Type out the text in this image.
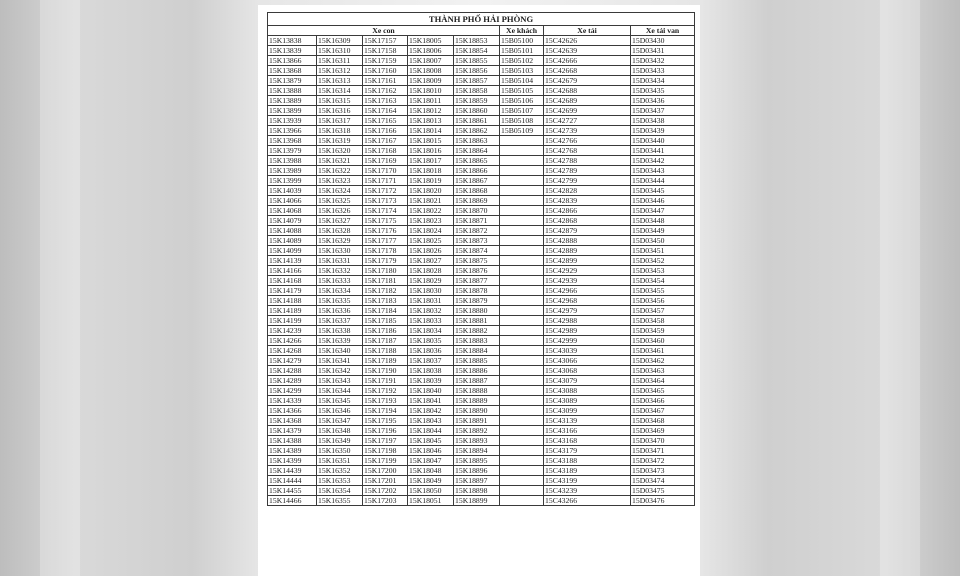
THÀNH PHỐ HẢI PHÒNG							
Xe con					Xe khách	Xe tải	Xe tải van
15K13838	15K16309	15K17157	15K18005	15K18853	15B05100	15C42626	15D03430
15K13839	15K16310	15K17158	15K18006	15K18854	15B05101	15C42639	15D03431
15K13866	15K16311	15K17159	15K18007	15K18855	15B05102	15C42666	15D03432
15K13868	15K16312	15K17160	15K18008	15K18856	15B05103	15C42668	15D03433
15K13879	15K16313	15K17161	15K18009	15K18857	15B05104	15C42679	15D03434
15K13888	15K16314	15K17162	15K18010	15K18858	15B05105	15C42688	15D03435
15K13889	15K16315	15K17163	15K18011	15K18859	15B05106	15C42689	15D03436
15K13899	15K16316	15K17164	15K18012	15K18860	15B05107	15C42699	15D03437
15K13939	15K16317	15K17165	15K18013	15K18861	15B05108	15C42727	15D03438
15K13966	15K16318	15K17166	15K18014	15K18862	15B05109	15C42739	15D03439
15K13968	15K16319	15K17167	15K18015	15K18863		15C42766	15D03440
15K13979	15K16320	15K17168	15K18016	15K18864		15C42768	15D03441
15K13988	15K16321	15K17169	15K18017	15K18865		15C42788	15D03442
15K13989	15K16322	15K17170	15K18018	15K18866		15C42789	15D03443
15K13999	15K16323	15K17171	15K18019	15K18867		15C42799	15D03444
15K14039	15K16324	15K17172	15K18020	15K18868		15C42828	15D03445
15K14066	15K16325	15K17173	15K18021	15K18869		15C42839	15D03446
15K14068	15K16326	15K17174	15K18022	15K18870		15C42866	15D03447
15K14079	15K16327	15K17175	15K18023	15K18871		15C42868	15D03448
15K14088	15K16328	15K17176	15K18024	15K18872		15C42879	15D03449
15K14089	15K16329	15K17177	15K18025	15K18873		15C42888	15D03450
15K14099	15K16330	15K17178	15K18026	15K18874		15C42889	15D03451
15K14139	15K16331	15K17179	15K18027	15K18875		15C42899	15D03452
15K14166	15K16332	15K17180	15K18028	15K18876		15C42929	15D03453
15K14168	15K16333	15K17181	15K18029	15K18877		15C42939	15D03454
15K14179	15K16334	15K17182	15K18030	15K18878		15C42966	15D03455
15K14188	15K16335	15K17183	15K18031	15K18879		15C42968	15D03456
15K14189	15K16336	15K17184	15K18032	15K18880		15C42979	15D03457
15K14199	15K16337	15K17185	15K18033	15K18881		15C42988	15D03458
15K14239	15K16338	15K17186	15K18034	15K18882		15C42989	15D03459
15K14266	15K16339	15K17187	15K18035	15K18883		15C42999	15D03460
15K14268	15K16340	15K17188	15K18036	15K18884		15C43039	15D03461
15K14279	15K16341	15K17189	15K18037	15K18885		15C43066	15D03462
15K14288	15K16342	15K17190	15K18038	15K18886		15C43068	15D03463
15K14289	15K16343	15K17191	15K18039	15K18887		15C43079	15D03464
15K14299	15K16344	15K17192	15K18040	15K18888		15C43088	15D03465
15K14339	15K16345	15K17193	15K18041	15K18889		15C43089	15D03466
15K14366	15K16346	15K17194	15K18042	15K18890		15C43099	15D03467
15K14368	15K16347	15K17195	15K18043	15K18891		15C43139	15D03468
15K14379	15K16348	15K17196	15K18044	15K18892		15C43166	15D03469
15K14388	15K16349	15K17197	15K18045	15K18893		15C43168	15D03470
15K14389	15K16350	15K17198	15K18046	15K18894		15C43179	15D03471
15K14399	15K16351	15K17199	15K18047	15K18895		15C43188	15D03472
15K14439	15K16352	15K17200	15K18048	15K18896		15C43189	15D03473
15K14444	15K16353	15K17201	15K18049	15K18897		15C43199	15D03474
15K14455	15K16354	15K17202	15K18050	15K18898		15C43239	15D03475
15K14466	15K16355	15K17203	15K18051	15K18899		15C43266	15D03476
